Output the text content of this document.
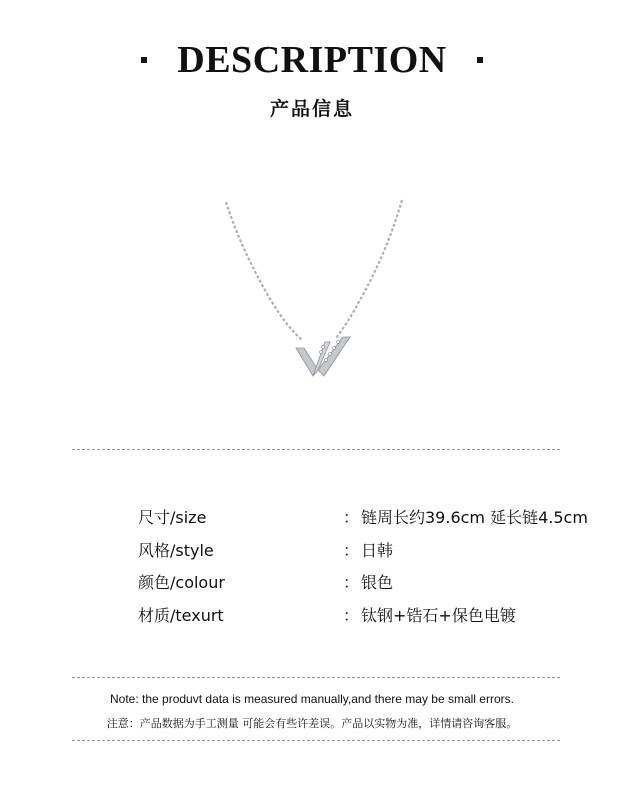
DESCRIPTION
产品信息
尺寸/size	： 链周长约39.6cm 延长链4.5cm
风格/style	： 日韩
颜色/colour	： 银色
材质/texurt	： 钛钢+锆石+保色电镀
Note: the produvt data is measured manually,and there may be small errors.
注意：产品数据为手工测量 可能会有些许差误。产品以实物为准，详情请咨询客服。
